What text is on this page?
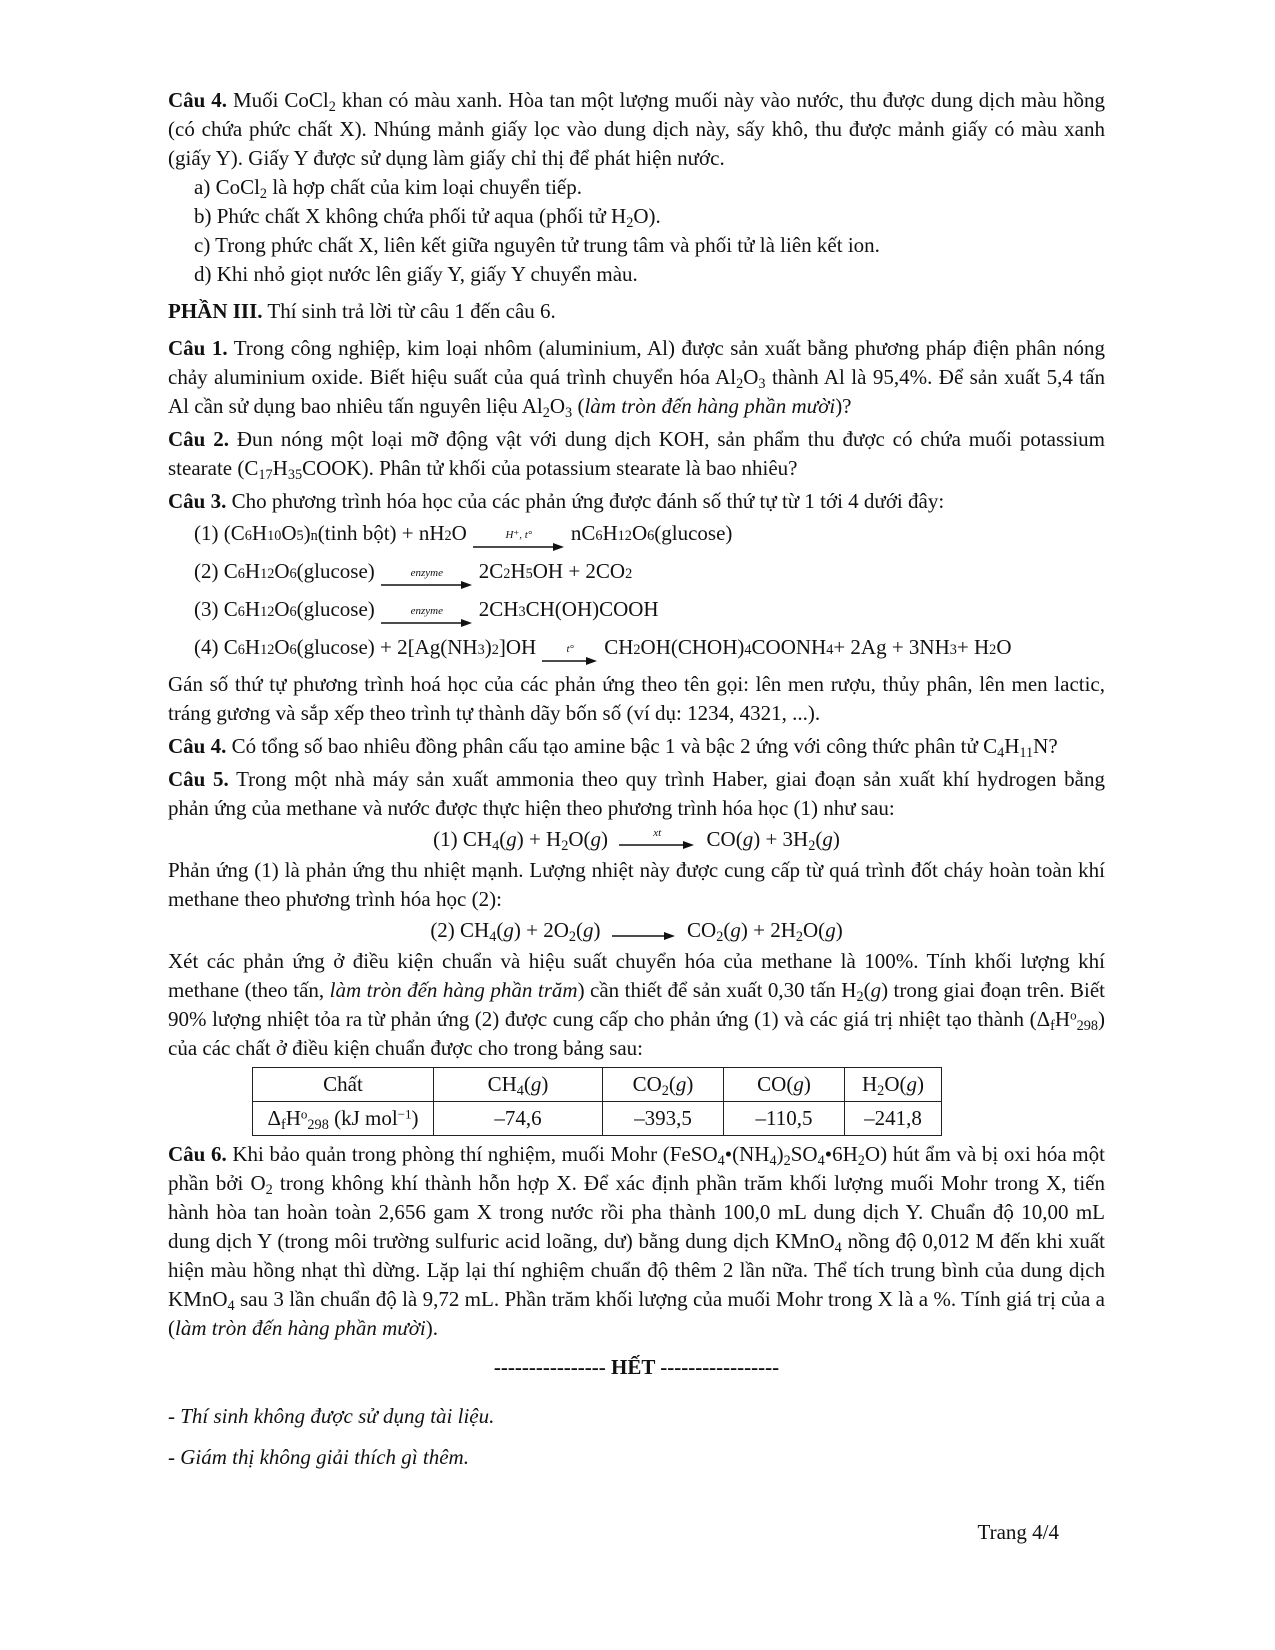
Câu 4. Muối CoCl$_2$ khan có màu xanh. Hòa tan một lượng muối này vào nước, thu được dung dịch màu hồng (có chứa phức chất X). Nhúng mảnh giấy lọc vào dung dịch này, sấy khô, thu được mảnh giấy có màu xanh (giấy Y). Giấy Y được sử dụng làm giấy chỉ thị để phát hiện nước.

a) CoCl$_2$ là hợp chất của kim loại chuyển tiếp.

b) Phức chất X không chứa phối tử aqua (phối tử $H_2O$).

c) Trong phức chất X, liên kết giữa nguyên tử trung tâm và phối tử là liên kết ion.

d) Khi nhỏ giọt nước lên giấy Y, giấy Y chuyển màu.

PHẦN III. Thí sinh trả lời từ câu 1 đến câu 6.

Câu 1. Trong công nghiệp, kim loại nhôm (aluminium, Al) được sản xuất bằng phương pháp điện phân nóng chảy aluminium oxide. Biết hiệu suất của quá trình chuyển hóa $Al_2O_3$ thành Al là 95,4%. Để sản xuất 5,4 tấn Al cần sử dụng bao nhiêu tấn nguyên liệu $Al_2O_3$ (làm tròn đến hàng phần mười)?

Câu 2. Đun nóng một loại mỡ động vật với dung dịch KOH, sản phẩm thu được có chứa muối potassium stearate $(C_{17}H_{35}COOK)$. Phân tử khối của potassium stearate là bao nhiêu?

Câu 3. Cho phương trình hóa học của các phản ứng được đánh số thứ tự từ 1 tới 4 dưới đây:

(1) (C 6 H 10 O 5 ) n (tinh bột) + nH 2 O	H⁺, t° nC 6 H 12 O 6 (glucose)
(2) C 6 H 12 O 6 (glucose)	enzyme 2C 2 H 5 OH + 2CO 2
(3) C 6 H 12 O 6 (glucose)	enzyme 2CH 3 CH(OH)COOH
(4) C 6 H 12 O 6 (glucose) + 2[Ag(NH 3 ) 2 ]OH	t° CH 2 OH(CHOH) 4 COONH 4 + 2Ag + 3NH 3 + H 2 O

Gán số thứ tự phương trình hoá học của các phản ứng theo tên gọi: lên men rượu, thủy phân, lên men lactic, tráng gương và sắp xếp theo trình tự thành dãy bốn số (ví dụ: 1234, 4321, ...).

Câu 4. Có tổng số bao nhiêu đồng phân cấu tạo amine bậc 1 và bậc 2 ứng với công thức phân tử $C_4H_{11}N$?

Câu 5. Trong một nhà máy sản xuất ammonia theo quy trình Haber, giai đoạn sản xuất khí hydrogen bằng phản ứng của methane và nước được thực hiện theo phương trình hóa học (1) như sau:

(1) $CH_4(g) + H_2O(g)$	xt $CO(g) + 3H_2(g)$

Phản ứng (1) là phản ứng thu nhiệt mạnh. Lượng nhiệt này được cung cấp từ quá trình đốt cháy hoàn toàn khí methane theo phương trình hóa học (2):

(2) $CH_4(g) + 2O_2(g) \to CO_2(g) + 2H_2O(g)$

Xét các phản ứng ở điều kiện chuẩn và hiệu suất chuyển hóa của methane là 100%. Tính khối lượng khí methane (theo tấn, làm tròn đến hàng phần trăm) cần thiết để sản xuất 0,30 tấn $H_2(g)$ trong giai đoạn trên. Biết 90% lượng nhiệt tỏa ra từ phản ứng (2) được cung cấp cho phản ứng (1) và các giá trị nhiệt tạo thành $(\Delta_fH^o_{298})$ của các chất ở điều kiện chuẩn được cho trong bảng sau:

Chất	$CH_4(g)$	$CO_2(g)$	CO(g)	$H_2O(g)$
$\Delta_fH^o_{298}$ (kJ mol$^{-1}$)	–74,6	–393,5	–110,5	–241,8

Câu 6. Khi bảo quản trong phòng thí nghiệm, muối Mohr $(FeSO_4•(NH_4)_2SO_4•6H_2O)$ hút ẩm và bị oxi hóa một phần bởi $O_2$ trong không khí thành hỗn hợp X. Để xác định phần trăm khối lượng muối Mohr trong X, tiến hành hòa tan hoàn toàn 2,656 gam X trong nước rồi pha thành 100,0 mL dung dịch Y. Chuẩn độ 10,00 mL dung dịch Y (trong môi trường sulfuric acid loãng, dư) bằng dung dịch KMnO$_4$ nồng độ 0,012 M đến khi xuất hiện màu hồng nhạt thì dừng. Lặp lại thí nghiệm chuẩn độ thêm 2 lần nữa. Thể tích trung bình của dung dịch KMnO$_4$ sau 3 lần chuẩn độ là 9,72 mL. Phần trăm khối lượng của muối Mohr trong X là a %. Tính giá trị của a (làm tròn đến hàng phần mười).

---------------- HẾT -----------------

- Thí sinh không được sử dụng tài liệu.

- Giám thị không giải thích gì thêm.

Trang 4/4
